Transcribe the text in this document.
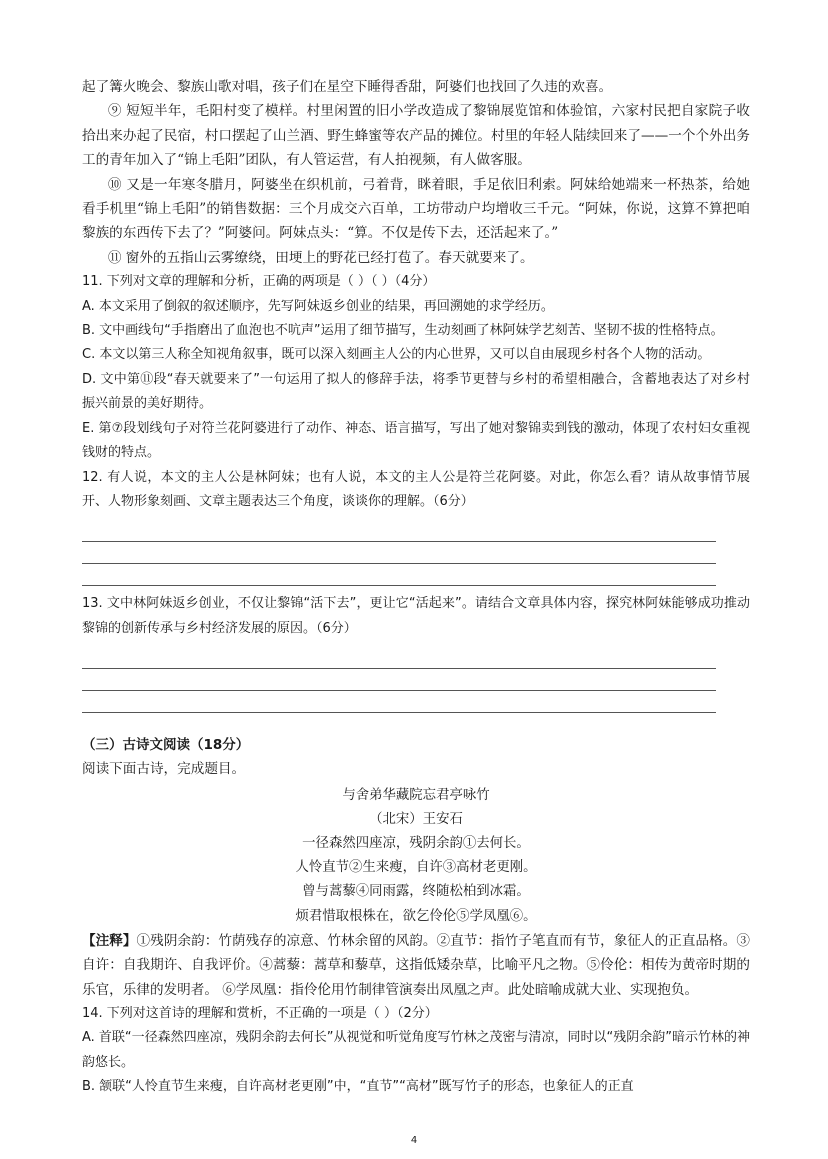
起了篝火晚会、黎族山歌对唱，孩子们在星空下睡得香甜，阿婆们也找回了久违的欢喜。

⑨ 短短半年，毛阳村变了模样。村里闲置的旧小学改造成了黎锦展览馆和体验馆，六家村民把自家院子收拾出来办起了民宿，村口摆起了山兰酒、野生蜂蜜等农产品的摊位。村里的年轻人陆续回来了——一个个外出务工的青年加入了“锦上毛阳”团队，有人管运营，有人拍视频，有人做客服。

⑩ 又是一年寒冬腊月，阿婆坐在织机前，弓着背，眯着眼，手足依旧利索。阿妹给她端来一杯热茶，给她看手机里“锦上毛阳”的销售数据：三个月成交六百单，工坊带动户均增收三千元。“阿妹，你说，这算不算把咱黎族的东西传下去了？”阿婆问。阿妹点头：“算。不仅是传下去，还活起来了。”

⑪ 窗外的五指山云雾缭绕，田埂上的野花已经打苞了。春天就要来了。

11. 下列对文章的理解和分析，正确的两项是（ ）（ ）（4分）

A. 本文采用了倒叙的叙述顺序，先写阿妹返乡创业的结果，再回溯她的求学经历。

B. 文中画线句“手指磨出了血泡也不吭声”运用了细节描写，生动刻画了林阿妹学艺刻苦、坚韧不拔的性格特点。

C. 本文以第三人称全知视角叙事，既可以深入刻画主人公的内心世界，又可以自由展现乡村各个人物的活动。

D. 文中第⑪段“春天就要来了”一句运用了拟人的修辞手法，将季节更替与乡村的希望相融合，含蓄地表达了对乡村振兴前景的美好期待。

E. 第⑦段划线句子对符兰花阿婆进行了动作、神态、语言描写，写出了她对黎锦卖到钱的激动，体现了农村妇女重视钱财的特点。

12. 有人说，本文的主人公是林阿妹；也有人说，本文的主人公是符兰花阿婆。对此，你怎么看？请从故事情节展开、人物形象刻画、文章主题表达三个角度，谈谈你的理解。（6分）

13. 文中林阿妹返乡创业，不仅让黎锦“活下去”，更让它“活起来”。请结合文章具体内容，探究林阿妹能够成功推动黎锦的创新传承与乡村经济发展的原因。（6分）

（三）古诗文阅读（18分）

阅读下面古诗，完成题目。

与舍弟华藏院忘君亭咏竹
（北宋）王安石
一径森然四座凉，残阴余韵①去何长。
人怜直节②生来瘦，自许③高材老更刚。
曾与蒿藜④同雨露，终随松柏到冰霜。
烦君惜取根株在，欲乞伶伦⑤学凤凰⑥。

【注释】①残阴余韵：竹荫残存的凉意、竹林余留的风韵。②直节：指竹子笔直而有节，象征人的正直品格。③自许：自我期许、自我评价。④蒿藜：蒿草和藜草，这指低矮杂草，比喻平凡之物。⑤伶伦：相传为黄帝时期的乐官，乐律的发明者。 ⑥学凤凰：指伶伦用竹制律管演奏出凤凰之声。此处暗喻成就大业、实现抱负。

14. 下列对这首诗的理解和赏析，不正确的一项是（ ）（2分）

A. 首联“一径森然四座凉，残阴余韵去何长”从视觉和听觉角度写竹林之茂密与清凉，同时以“残阴余韵”暗示竹林的神韵悠长。

B. 颔联“人怜直节生来瘦，自许高材老更刚”中，“直节”“高材”既写竹子的形态，也象征人的正直

4
